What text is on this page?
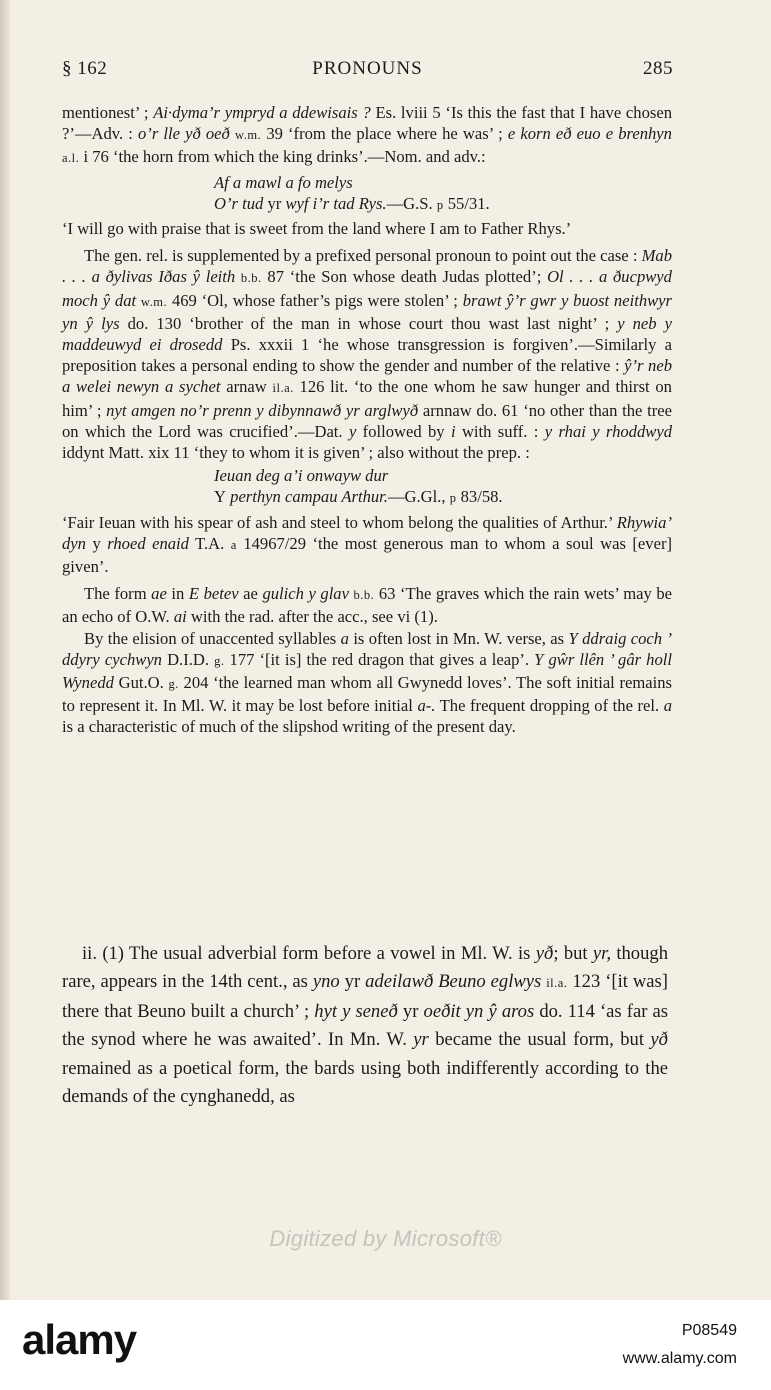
§ 162	PRONOUNS	285

mentionest’ ; Ai·dyma’r ympryd a ddewisais ? Es. lviii 5 ‘Is this the fast that I have chosen ?’—Adv. : o’r lle yð oeð w.m. 39 ‘from the place where he was’ ; e korn eð euo e brenhyn a.l. i 76 ‘the horn from which the king drinks’.—Nom. and adv.:

Af a mawl a fo melys
O’r tud yr wyf i’r tad Rys.—G.S. p 55/31.

‘I will go with praise that is sweet from the land where I am to Father Rhys.’

The gen. rel. is supplemented by a prefixed personal pronoun to point out the case : Mab . . . a ðylivas Iðas ŷ leith b.b. 87 ‘the Son whose death Judas plotted’; Ol . . . a ðucpwyd moch ŷ dat w.m. 469 ‘Ol, whose father’s pigs were stolen’ ; brawt ŷ’r gwr y buost neithwyr yn ŷ lys do. 130 ‘brother of the man in whose court thou wast last night’ ; y neb y maddeuwyd ei drosedd Ps. xxxii 1 ‘he whose transgression is forgiven’.—Similarly a preposition takes a personal ending to show the gender and number of the relative : ŷ’r neb a welei newyn a sychet arnaw il.a. 126 lit. ‘to the one whom he saw hunger and thirst on him’ ; nyt amgen no’r prenn y dibynnawð yr arglwyð arnnaw do. 61 ‘no other than the tree on which the Lord was crucified’.—Dat. y followed by i with suff. : y rhai y rhoddwyd iddynt Matt. xix 11 ‘they to whom it is given’ ; also without the prep. :

Ieuan deg a’i onwayw dur
Y perthyn campau Arthur.—G.Gl., p 83/58.

‘Fair Ieuan with his spear of ash and steel to whom belong the qualities of Arthur.’ Rhywia’ dyn y rhoed enaid T.A. a 14967/29 ‘the most generous man to whom a soul was [ever] given’.

The form ae in E betev ae gulich y glav b.b. 63 ‘The graves which the rain wets’ may be an echo of O.W. ai with the rad. after the acc., see vi (1).

By the elision of unaccented syllables a is often lost in Mn. W. verse, as Y ddraig coch ’ ddyry cychwyn D.I.D. g. 177 ‘[it is] the red dragon that gives a leap’. Y gŵr llên ’ gâr holl Wynedd Gut.O. g. 204 ‘the learned man whom all Gwynedd loves’. The soft initial remains to represent it. In Ml. W. it may be lost before initial a-. The frequent dropping of the rel. a is a characteristic of much of the slipshod writing of the present day.

ii. (1) The usual adverbial form before a vowel in Ml. W. is yð; but yr, though rare, appears in the 14th cent., as yno yr adeilawð Beuno eglwys il.a. 123 ‘[it was] there that Beuno built a church’ ; hyt y seneð yr oeðit yn ŷ aros do. 114 ‘as far as the synod where he was awaited’. In Mn. W. yr became the usual form, but yð remained as a poetical form, the bards using both indifferently according to the demands of the cynghanedd, as

Digitized by Microsoft®
alamy	P08549
www.alamy.com
